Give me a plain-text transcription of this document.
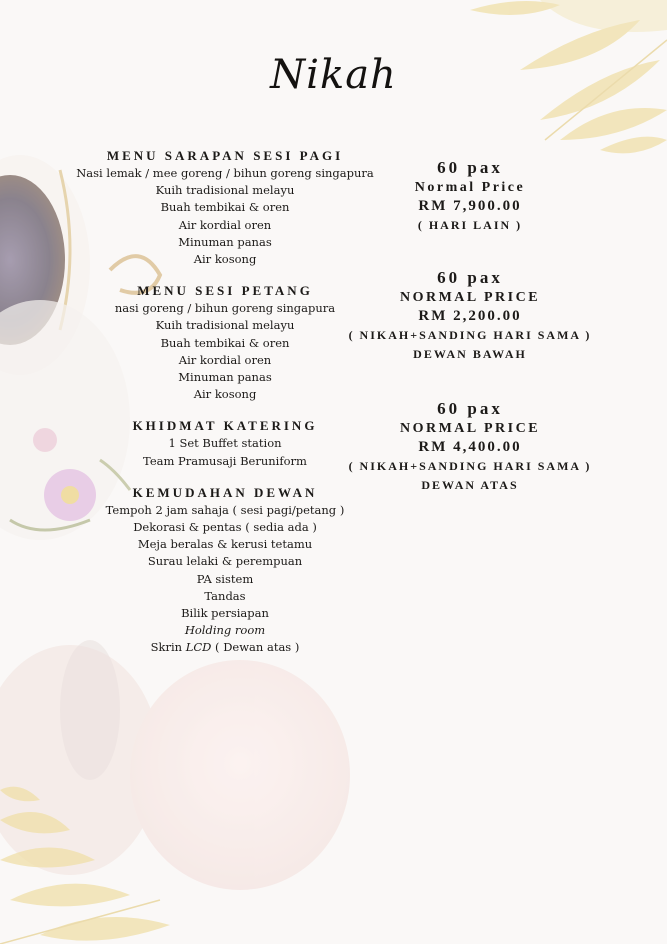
Nikah
MENU SARAPAN SESI PAGI
Nasi lemak / mee goreng / bihun goreng singapura
Kuih tradisional melayu
Buah tembikai & oren
Air kordial oren
Minuman panas
Air kosong
MENU SESI PETANG
nasi goreng / bihun goreng singapura
Kuih tradisional melayu
Buah tembikai & oren
Air kordial oren
Minuman panas
Air kosong
KHIDMAT KATERING
1 Set Buffet station
Team Pramusaji Beruniform
KEMUDAHAN DEWAN
Tempoh 2 jam sahaja ( sesi pagi/petang )
Dekorasi & pentas ( sedia ada )
Meja beralas & kerusi tetamu
Surau lelaki & perempuan
PA sistem
Tandas
Bilik persiapan
Holding room
Skrin LCD ( Dewan atas )
60 pax
Normal Price
RM 7,900.00
( HARI LAIN )
60 pax
NORMAL PRICE
RM 2,200.00
( NIKAH+SANDING HARI SAMA )
DEWAN BAWAH
60 pax
NORMAL PRICE
RM 4,400.00
( NIKAH+SANDING HARI SAMA )
DEWAN ATAS
